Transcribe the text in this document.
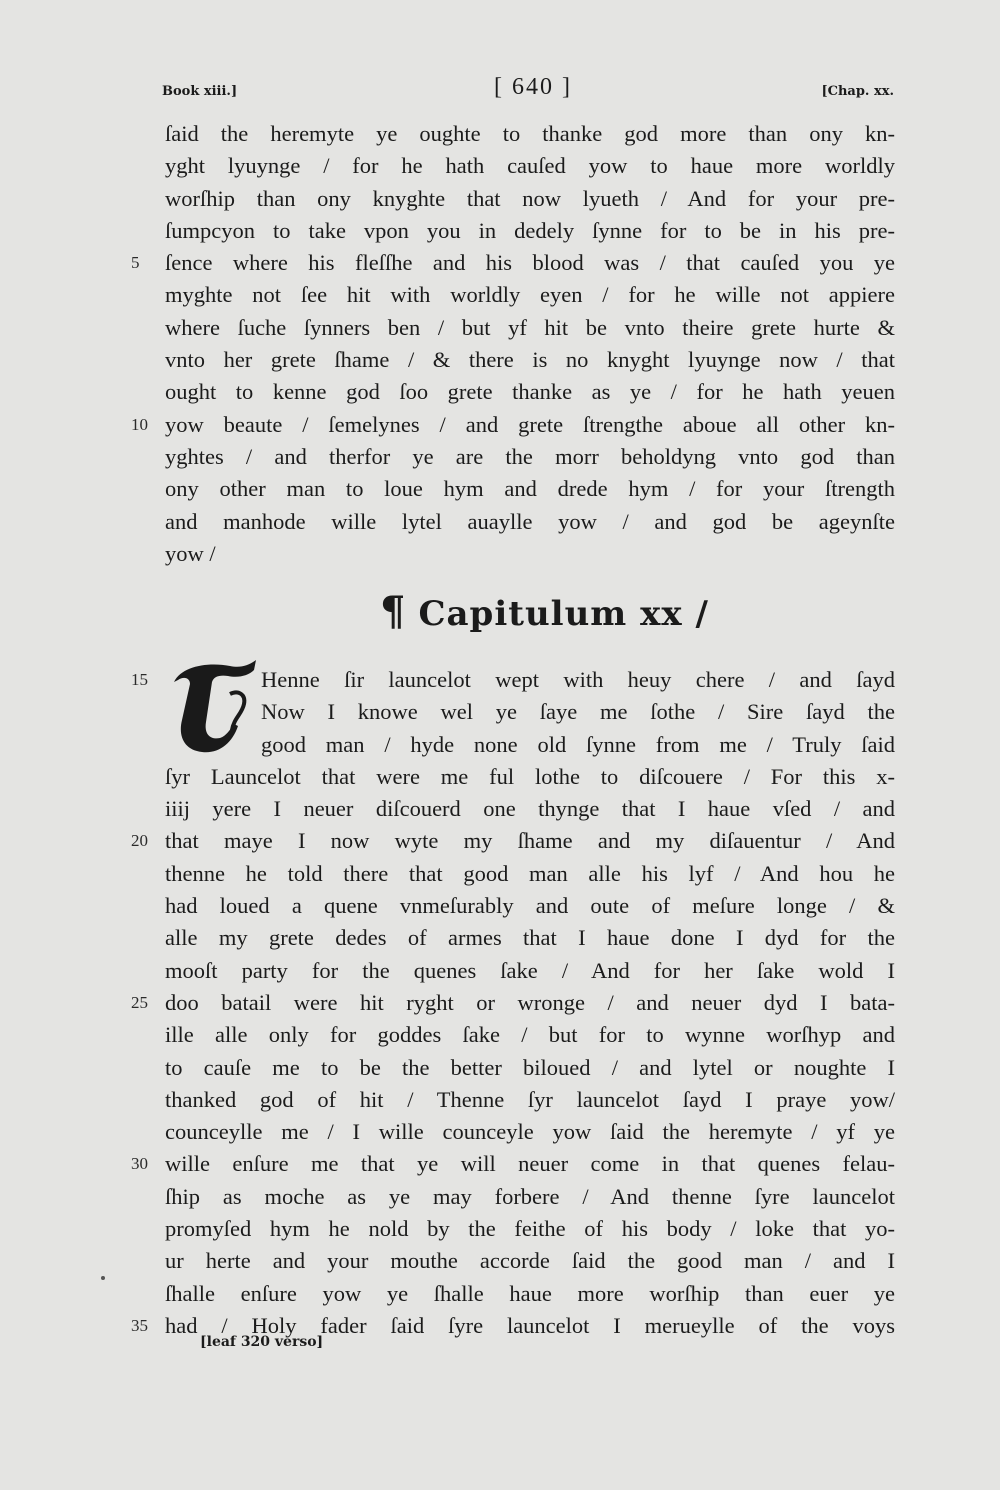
Book xiii.]	[ 640 ]	[Chap. xx.
ſaid the heremyte ye oughte to thanke god more than ony kn-
yght lyuynge / for he hath cauſed yow to haue more worldly
worſhip than ony knyghte that now lyueth / And for your pre-
ſumpcyon to take vpon you in dedely ſynne for to be in his pre-
5	ſence where his fleſſhe and his blood was / that cauſed you ye
myghte not ſee hit with worldly eyen / for he wille not appiere
where ſuche ſynners ben / but yf hit be vnto theire grete hurte &
vnto her grete ſhame / & there is no knyght lyuynge now / that
ought to kenne god ſoo grete thanke as ye / for he hath yeuen
10 yow beaute / ſemelynes / and grete ſtrengthe aboue all other kn-
yghtes / and therfor ye are the morr beholdyng vnto god than
ony other man to loue hym and drede hym / for your ſtrength
and manhode wille lytel auaylle yow / and god be ageynſte
yow /
¶ Capitulum xx /
15	Henne ſir launcelot wept with heuy chere / and ſayd
Now I knowe wel ye ſaye me ſothe / Sire ſayd the
good man / hyde none old ſynne from me / Truly ſaid
ſyr Launcelot that were me ful lothe to diſcouere / For this x-
iiij yere I neuer diſcouerd one thynge that I haue vſed / and
20 that maye I now wyte my ſhame and my diſauentur / And
thenne he told there that good man alle his lyf / And hou he
had loued a quene vnmeſurably and oute of meſure longe / &
alle my grete dedes of armes that I haue done I dyd for the
mooſt party for the quenes ſake / And for her ſake wold I
25 doo batail were hit ryght or wronge / and neuer dyd I bata-
ille alle only for goddes ſake / but for to wynne worſhyp and
to cauſe me to be the better biloued / and lytel or noughte I
thanked god of hit / Thenne ſyr launcelot ſayd I praye yow/
counceylle me / I wille counceyle yow ſaid the heremyte / yf ye
30 wille enſure me that ye will neuer come in that quenes felau-
ſhip as moche as ye may forbere / And thenne ſyre launcelot
promyſed hym he nold by the feithe of his body / loke that yo-
ur herte and your mouthe accorde ſaid the good man / and I
ſhalle enſure yow ye ſhalle haue more worſhip than euer ye
35 had / Holy fader ſaid ſyre launcelot I merueylle of the voys
[leaf 320 verso]
